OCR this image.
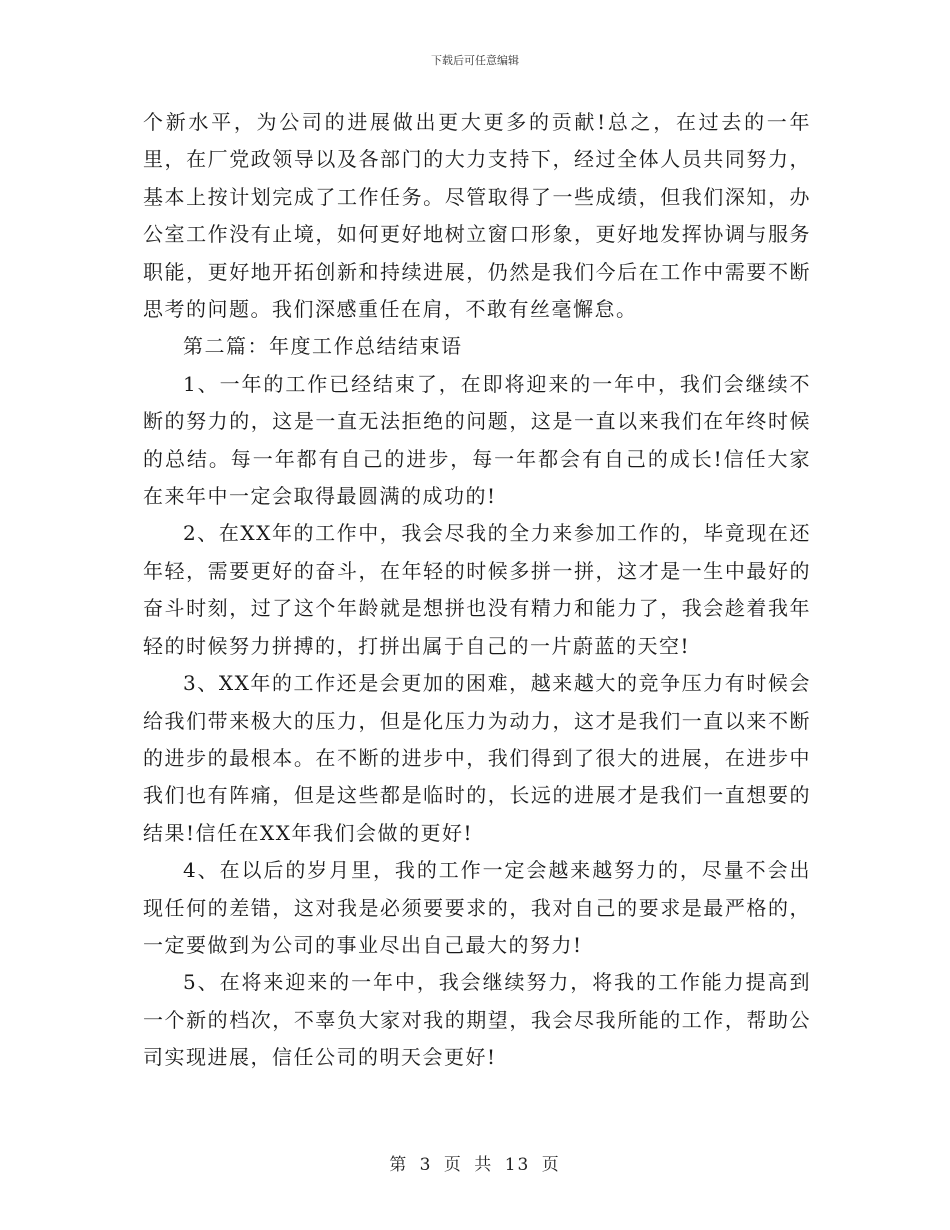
下载后可任意编辑

个新水平，为公司的进展做出更大更多的贡献!总之，在过去的一年里，在厂党政领导以及各部门的大力支持下，经过全体人员共同努力，基本上按计划完成了工作任务。尽管取得了一些成绩，但我们深知，办公室工作没有止境，如何更好地树立窗口形象，更好地发挥协调与服务职能，更好地开拓创新和持续进展，仍然是我们今后在工作中需要不断思考的问题。我们深感重任在肩，不敢有丝毫懈怠。

第二篇：年度工作总结结束语

1、一年的工作已经结束了，在即将迎来的一年中，我们会继续不断的努力的，这是一直无法拒绝的问题，这是一直以来我们在年终时候的总结。每一年都有自己的进步，每一年都会有自己的成长!信任大家在来年中一定会取得最圆满的成功的!

2、在XX年的工作中，我会尽我的全力来参加工作的，毕竟现在还年轻，需要更好的奋斗，在年轻的时候多拼一拼，这才是一生中最好的奋斗时刻，过了这个年龄就是想拼也没有精力和能力了，我会趁着我年轻的时候努力拼搏的，打拼出属于自己的一片蔚蓝的天空!

3、XX年的工作还是会更加的困难，越来越大的竞争压力有时候会给我们带来极大的压力，但是化压力为动力，这才是我们一直以来不断的进步的最根本。在不断的进步中，我们得到了很大的进展，在进步中我们也有阵痛，但是这些都是临时的，长远的进展才是我们一直想要的结果!信任在XX年我们会做的更好!

4、在以后的岁月里，我的工作一定会越来越努力的，尽量不会出现任何的差错，这对我是必须要要求的，我对自己的要求是最严格的，一定要做到为公司的事业尽出自己最大的努力!

5、在将来迎来的一年中，我会继续努力，将我的工作能力提高到一个新的档次，不辜负大家对我的期望，我会尽我所能的工作，帮助公司实现进展，信任公司的明天会更好!

第 3 页 共 13 页
